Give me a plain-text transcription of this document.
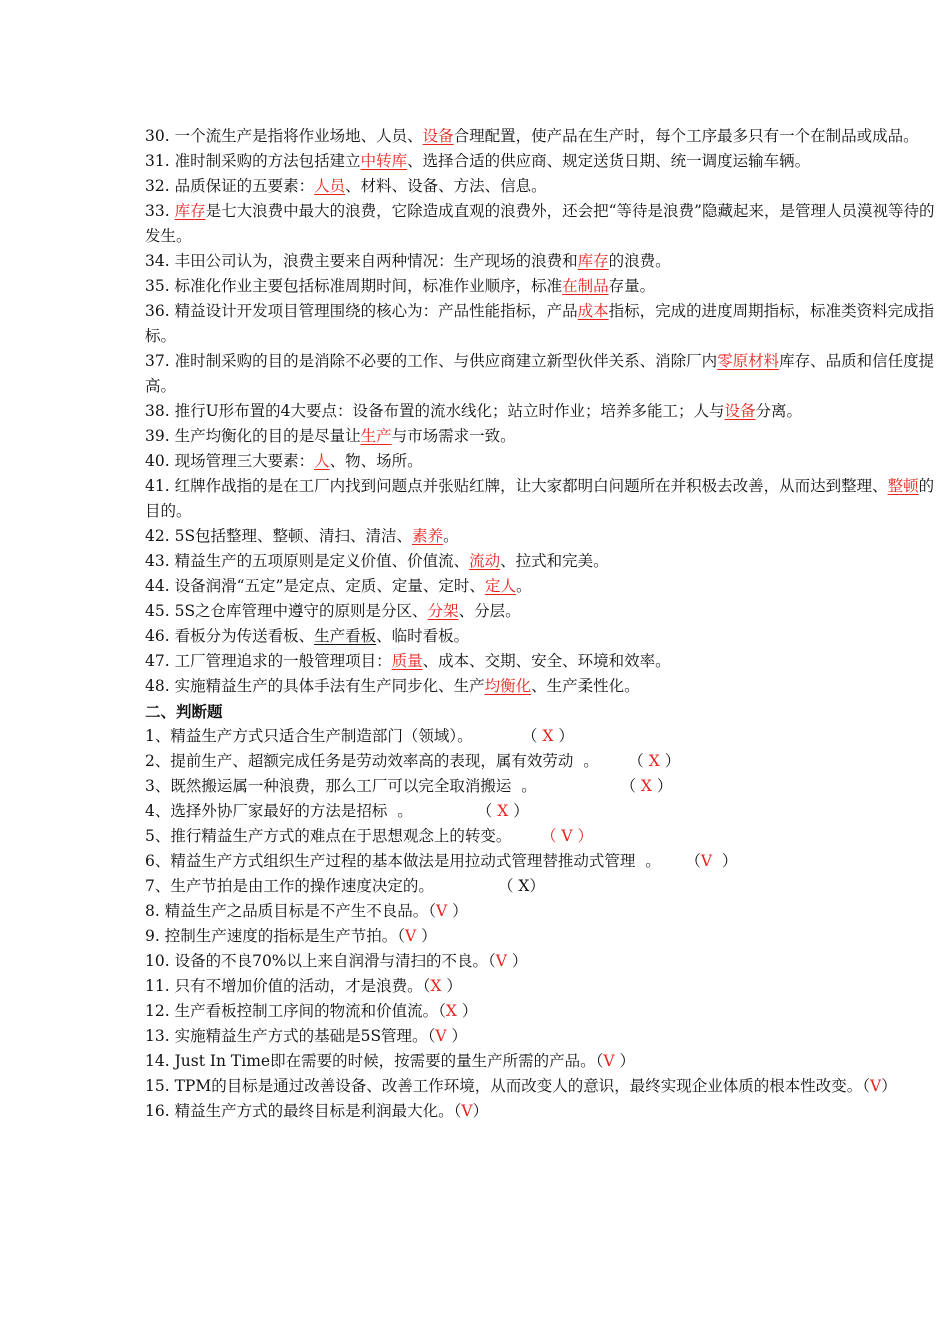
30. 一个流生产是指将作业场地、人员、设备合理配置，使产品在生产时，每个工序最多只有一个在制品或成品。

31. 准时制采购的方法包括建立中转库、选择合适的供应商、规定送货日期、统一调度运输车辆。

32. 品质保证的五要素：人员、材料、设备、方法、信息。

33. 库存是七大浪费中最大的浪费，它除造成直观的浪费外，还会把“等待是浪费”隐藏起来，是管理人员漠视等待的发生。

34. 丰田公司认为，浪费主要来自两种情况：生产现场的浪费和库存的浪费。

35. 标准化作业主要包括标准周期时间，标准作业顺序，标准在制品存量。

36. 精益设计开发项目管理围绕的核心为：产品性能指标，产品成本指标，完成的进度周期指标，标准类资料完成指标。

37. 准时制采购的目的是消除不必要的工作、与供应商建立新型伙伴关系、消除厂内零原材料库存、品质和信任度提高。

38. 推行U形布置的4大要点：设备布置的流水线化；站立时作业；培养多能工；人与设备分离。

39. 生产均衡化的目的是尽量让生产与市场需求一致。

40. 现场管理三大要素：人、物、场所。

41. 红牌作战指的是在工厂内找到问题点并张贴红牌，让大家都明白问题所在并积极去改善，从而达到整理、整顿的目的。

42. 5S包括整理、整顿、清扫、清洁、素养。

43. 精益生产的五项原则是定义价值、价值流、流动、拉式和完美。

44. 设备润滑“五定”是定点、定质、定量、定时、定人。

45. 5S之仓库管理中遵守的原则是分区、分架、分层。

46. 看板分为传送看板、生产看板、临时看板。

47. 工厂管理追求的一般管理项目：质量、成本、交期、安全、环境和效率。

48. 实施精益生产的具体手法有生产同步化、生产均衡化、生产柔性化。

二、判断题
1、精益生产方式只适合生产制造部门（领域）。	（ X ）
2、提前生产、超额完成任务是劳动效率高的表现，属有效劳动  。 （ X ）
3、既然搬运属一种浪费，那么工厂可以完全取消搬运  。	（ X ）
4、选择外协厂家最好的方法是招标  。	（ X ）
5、推行精益生产方式的难点在于思想观念上的转变。 （ V ）
6、精益生产方式组织生产过程的基本做法是用拉动式管理替推动式管理  。 （V  ）
7、生产节拍是由工作的操作速度决定的。	（ X）
8. 精益生产之品质目标是不产生不良品。（V ）
9. 控制生产速度的指标是生产节拍。（V ）
10. 设备的不良70%以上来自润滑与清扫的不良。（V ）
11. 只有不增加价值的活动，才是浪费。（X ）
12. 生产看板控制工序间的物流和价值流。（X ）
13. 实施精益生产方式的基础是5S管理。（V ）
14. Just In Time即在需要的时候，按需要的量生产所需的产品。（V ）
15. TPM的目标是通过改善设备、改善工作环境，从而改变人的意识，最终实现企业体质的根本性改变。（V）
16. 精益生产方式的最终目标是利润最大化。（V）
